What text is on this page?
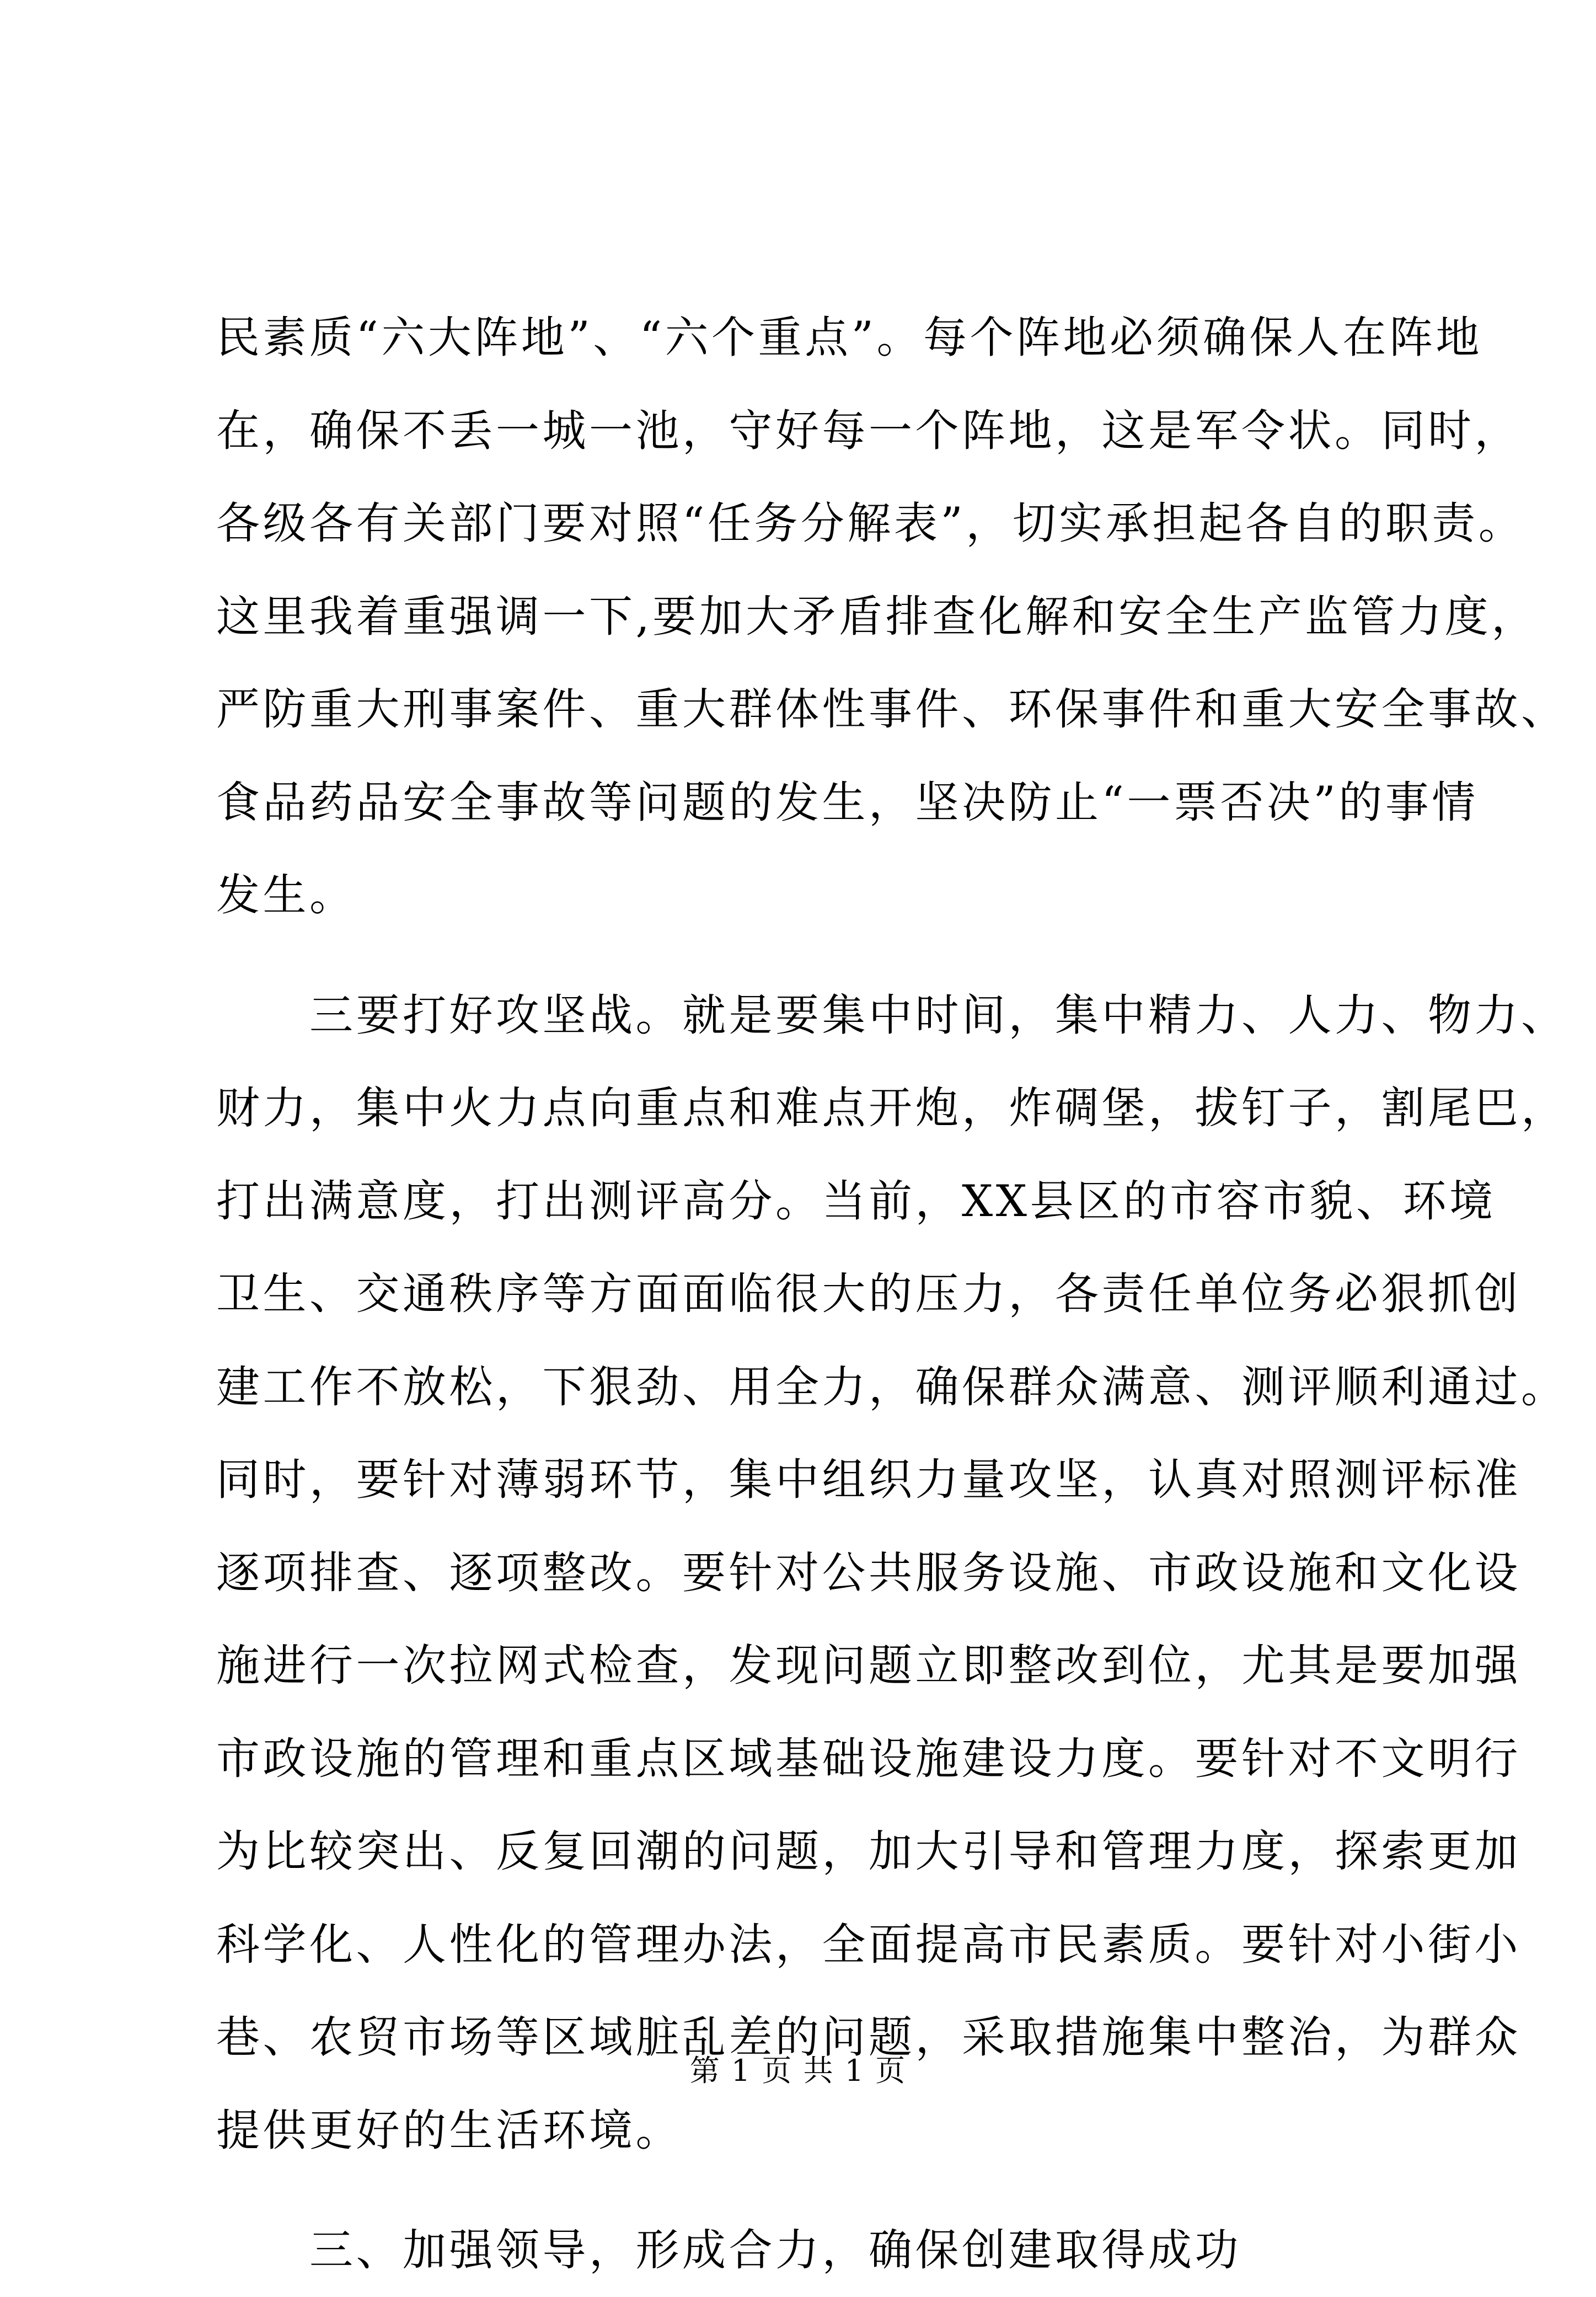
民素质“六大阵地”、“六个重点”。每个阵地必须确保人在阵地
在，确保不丢一城一池，守好每一个阵地，这是军令状。同时，
各级各有关部门要对照“任务分解表”，切实承担起各自的职责。
这里我着重强调一下,要加大矛盾排查化解和安全生产监管力度，
严防重大刑事案件、重大群体性事件、环保事件和重大安全事故、
食品药品安全事故等问题的发生，坚决防止“一票否决”的事情
发生。
　　三要打好攻坚战。就是要集中时间，集中精力、人力、物力、
财力，集中火力点向重点和难点开炮，炸碉堡，拔钉子，割尾巴，
打出满意度，打出测评高分。当前，XX县区的市容市貌、环境
卫生、交通秩序等方面面临很大的压力，各责任单位务必狠抓创
建工作不放松，下狠劲、用全力，确保群众满意、测评顺利通过。
同时，要针对薄弱环节，集中组织力量攻坚，认真对照测评标准
逐项排查、逐项整改。要针对公共服务设施、市政设施和文化设
施进行一次拉网式检查，发现问题立即整改到位，尤其是要加强
市政设施的管理和重点区域基础设施建设力度。要针对不文明行
为比较突出、反复回潮的问题，加大引导和管理力度，探索更加
科学化、人性化的管理办法，全面提高市民素质。要针对小街小
巷、农贸市场等区域脏乱差的问题，采取措施集中整治，为群众
提供更好的生活环境。
　　三、加强领导，形成合力，确保创建取得成功
第 1 页 共 1 页
